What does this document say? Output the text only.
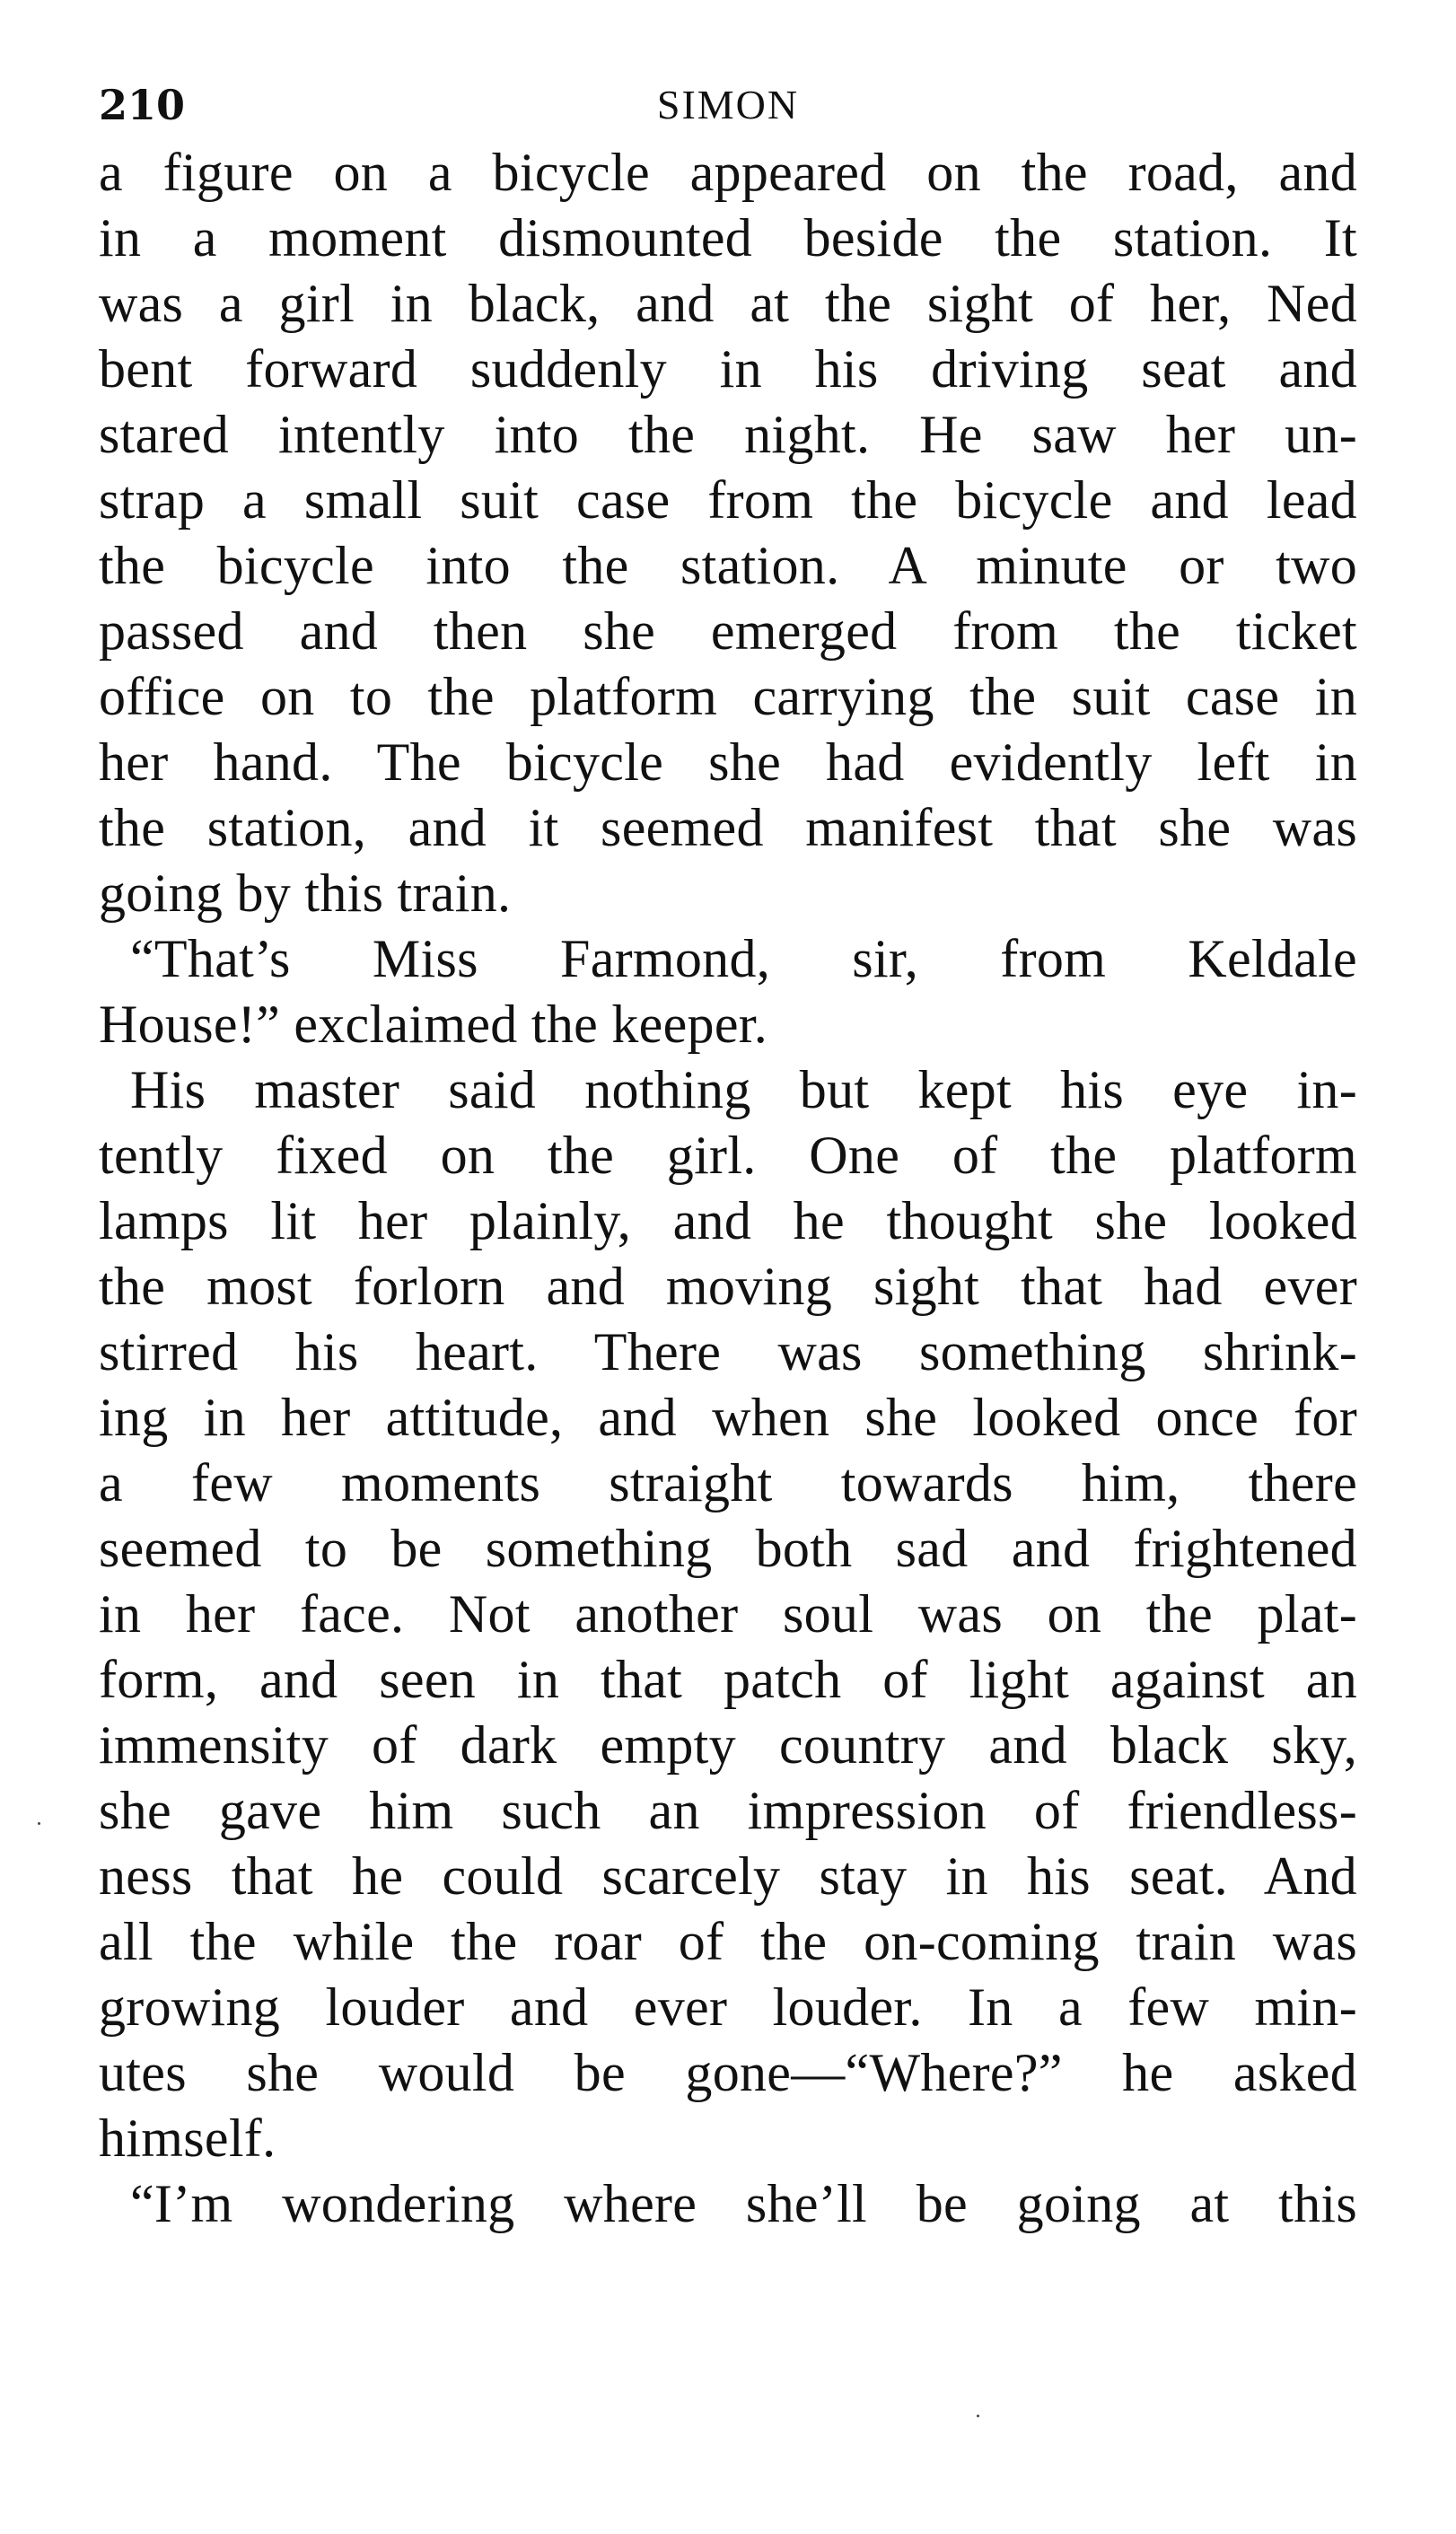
210	SIMON

a figure on a bicycle appeared on the road, and
in a moment dismounted beside the station. It
was a girl in black, and at the sight of her, Ned
bent forward suddenly in his driving seat and
stared intently into the night. He saw her un-
strap a small suit case from the bicycle and lead
the bicycle into the station. A minute or two
passed and then she emerged from the ticket
office on to the platform carrying the suit case in
her hand. The bicycle she had evidently left in
the station, and it seemed manifest that she was
going by this train.

“That’s Miss Farmond, sir, from Keldale
House!” exclaimed the keeper.

His master said nothing but kept his eye in-
tently fixed on the girl. One of the platform
lamps lit her plainly, and he thought she looked
the most forlorn and moving sight that had ever
stirred his heart. There was something shrink-
ing in her attitude, and when she looked once for
a few moments straight towards him, there
seemed to be something both sad and frightened
in her face. Not another soul was on the plat-
form, and seen in that patch of light against an
immensity of dark empty country and black sky,
she gave him such an impression of friendless-
ness that he could scarcely stay in his seat. And
all the while the roar of the on-coming train was
growing louder and ever louder. In a few min-
utes she would be gone—“Where?” he asked
himself.

“I’m wondering where she’ll be going at this
